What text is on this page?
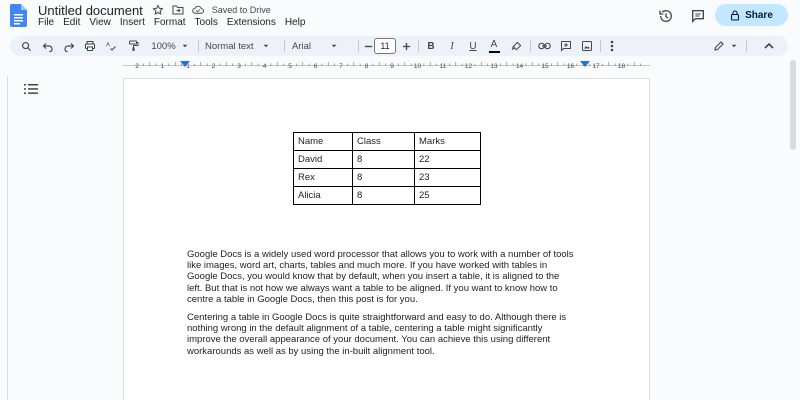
Untitled document	Saved to Drive
File Edit View Insert Format Tools Extensions Help
Share
A	100%	Normal text	Arial	B	I	U	A
11
2	1	1	2	3	4	5	6	7	8	9	10	11	12	13	14	15	16	17	18
Name	Class	Marks
David	8	22
Rex	8	23
Alicia	8	25
Google Docs is a widely used word processor that allows you to work with a number of tools
like images, word art, charts, tables and much more. If you have worked with tables in
Google Docs, you would know that by default, when you insert a table, it is aligned to the
left. But that is not how we always want a table to be aligned. If you want to know how to
centre a table in Google Docs, then this post is for you.
Centering a table in Google Docs is quite straightforward and easy to do. Although there is
nothing wrong in the default alignment of a table, centering a table might significantly
improve the overall appearance of your document. You can achieve this using different
workarounds as well as by using the in-built alignment tool.
